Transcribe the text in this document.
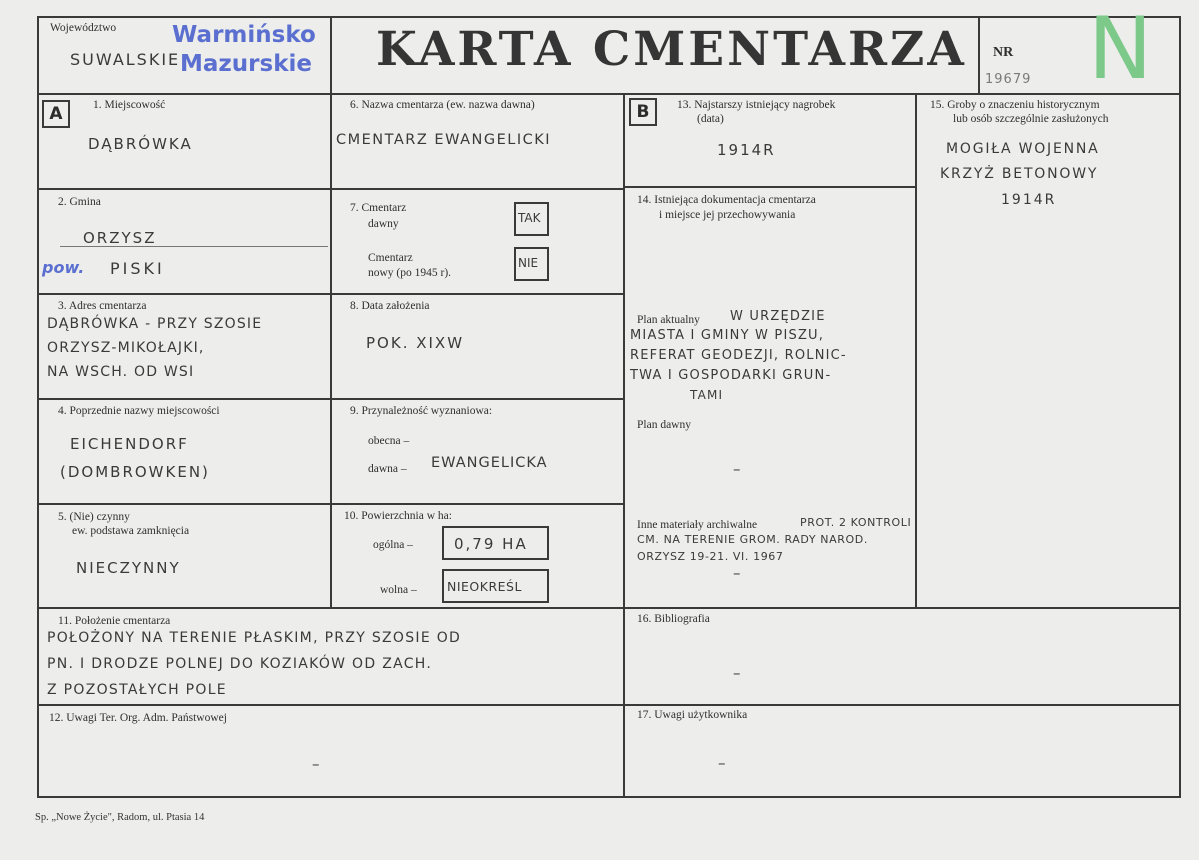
Województwo
SUWALSKIE
Warmińsko
Mazurskie KARTA CMENTARZA NR
19679 N
A	1. Miejscowość
DĄBRÓWKA
2. Gmina
ORZYSZ
pow. PISKI
3. Adres cmentarza
DĄBRÓWKA - PRZY SZOSIE
ORZYSZ-MIKOŁAJKI,
NA WSCH. OD WSI
4. Poprzednie nazwy miejscowości
EICHENDORF
(DOMBROWKEN)
5. (Nie) czynny
ew. podstawa zamknięcia
NIECZYNNY
6. Nazwa cmentarza (ew. nazwa dawna)
CMENTARZ EWANGELICKI
7. Cmentarz
dawny	TAK
Cmentarz
nowy (po 1945 r).
NIE
8. Data założenia
POK. XIXW
9. Przynależność wyznaniowa:
obecna –
dawna – EWANGELICKA
10. Powierzchnia w ha:
ogólna –	0,79 HA
wolna – NIEOKREŚL
B	13. Najstarszy istniejący nagrobek
(data)
1914R
14. Istniejąca dokumentacja cmentarza
i miejsce jej przechowywania
Plan aktualny W URZĘDZIE
MIASTA I GMINY W PISZU,
REFERAT GEODEZJI, ROLNIC-
TWA I GOSPODARKI GRUN-
TAMI
Plan dawny
–
Inne materiały archiwalne	PROT. 2 KONTROLI
CM. NA TERENIE GROM. RADY NAROD.
ORZYSZ 19-21. VI. 1967
–
15. Groby o znaczeniu historycznym
lub osób szczególnie zasłużonych
MOGIŁA WOJENNA
KRZYŻ BETONOWY
1914R
11. Położenie cmentarza
POŁOŻONY NA TERENIE PŁASKIM, PRZY SZOSIE OD
PN. I DRODZE POLNEJ DO KOZIAKÓW OD ZACH.
Z POZOSTAŁYCH POLE
12. Uwagi Ter. Org. Adm. Państwowej
–
16. Bibliografia
–
17. Uwagi użytkownika
–
Sp. „Nowe Życie", Radom, ul. Ptasia 14
